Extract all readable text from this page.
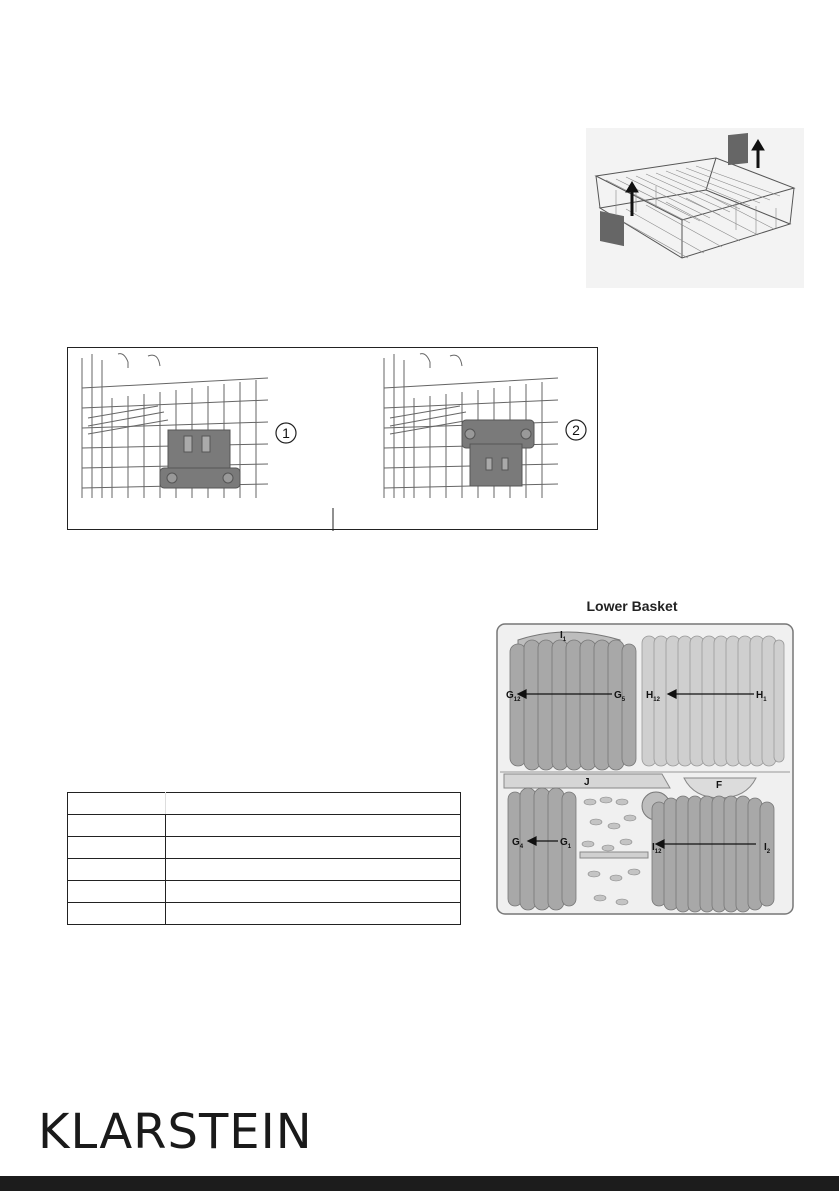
1	2
Lower Basket
$I_1$
$G_{12}$	$G_5$ $H_{12}$	$H_1$
J	F
$G_4$	$G_1$	$I_{12}$	$I_2$

KLARSTEIN
